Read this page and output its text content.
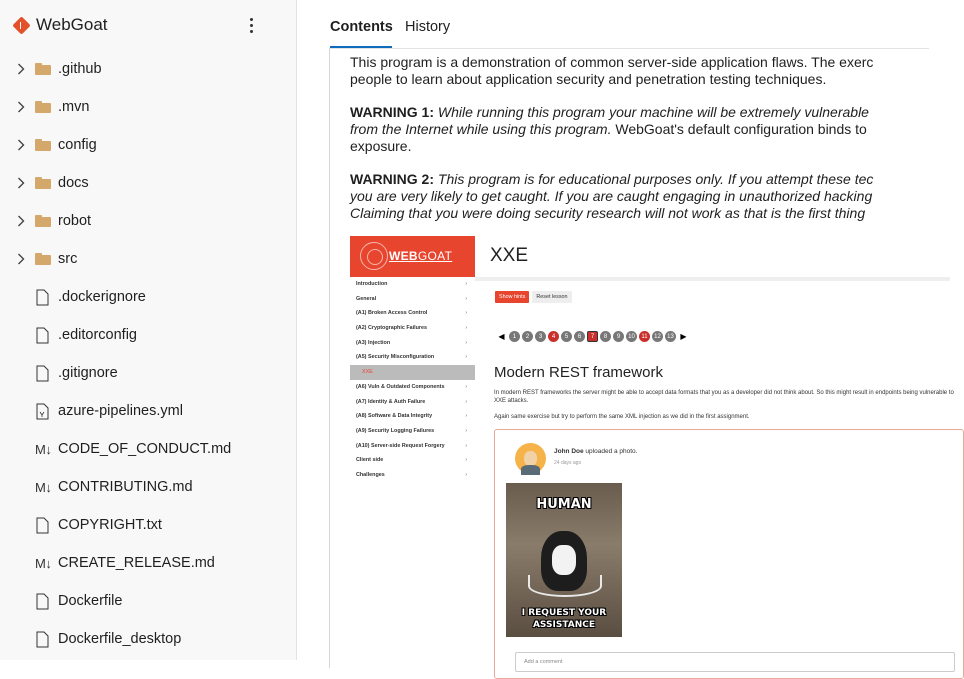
WebGoat
.github
.mvn
config
docs
robot
src
.dockerignore
.editorconfig
.gitignore
azure-pipelines.yml
M↓ CODE_OF_CONDUCT.md
M↓ CONTRIBUTING.md
COPYRIGHT.txt
M↓ CREATE_RELEASE.md
Dockerfile
Dockerfile_desktop
Contents History

This program is a demonstration of common server-side application flaws. The exerc
people to learn about application security and penetration testing techniques.

WARNING 1: While running this program your machine will be extremely vulnerable
from the Internet while using this program. WebGoat's default configuration binds to
exposure.

WARNING 2: This program is for educational purposes only. If you attempt these tec
you are very likely to get caught. If you are caught engaging in unauthorized hacking
Claiming that you were doing security research will not work as that is the first thing

WEBGOAT XXE
Introduction	›
General	›
(A1) Broken Access Control	›
(A2) Cryptographic Failures	›
(A3) Injection	›
(A5) Security Misconfiguration	›
XXE
(A6) Vuln & Outdated Components	›
(A7) Identity & Auth Failure	›
(A8) Software & Data Integrity	›
(A9) Security Logging Failures	›
(A10) Server-side Request Forgery	›
Client side	›
Challenges	›
Show hints	Reset lesson
◀	1	2	3	4	5	6	7	8	9	10	11	12	13 ▶
Modern REST framework
In modern REST frameworks the server might be able to accept data formats that you as a developer did not think about. So this might result in endpoints being vulnerable to XXE attacks.
Again same exercise but try to perform the same XML injection as we did in the first assignment.
John Doe uploaded a photo.
24 days ago
HUMAN
I REQUEST YOUR
ASSISTANCE
Add a comment
